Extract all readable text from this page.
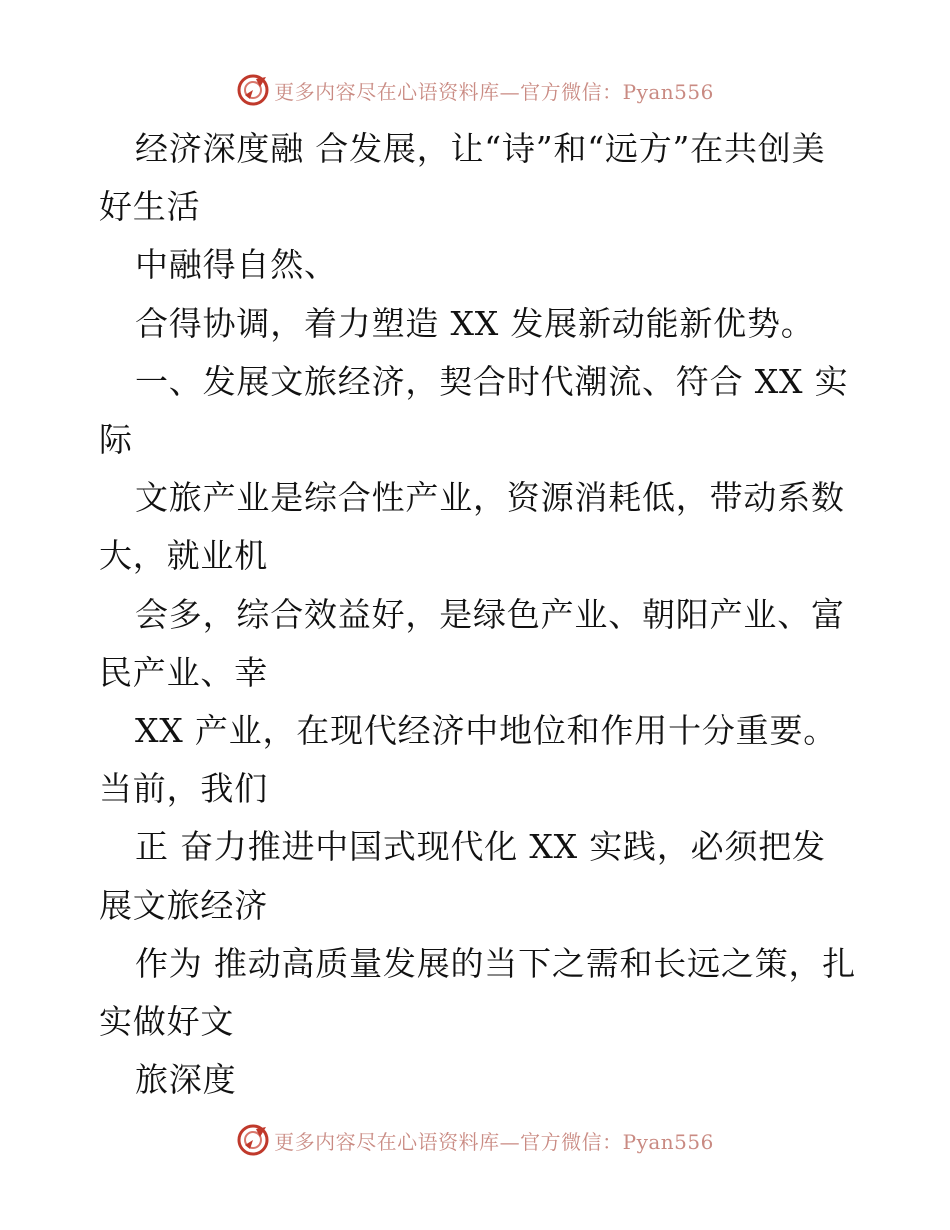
更多内容尽在心语资料库—官方微信：Pyan556

经济深度融 合发展，让“诗”和“远方”在共创美好生活

中融得自然、

合得协调，着力塑造 XX 发展新动能新优势。

一、发展文旅经济，契合时代潮流、符合 XX 实际

文旅产业是综合性产业，资源消耗低，带动系数大，就业机

会多，综合效益好，是绿色产业、朝阳产业、富民产业、幸

XX 产业，在现代经济中地位和作用十分重要。当前，我们

正 奋力推进中国式现代化 XX 实践，必须把发展文旅经济

作为 推动高质量发展的当下之需和长远之策，扎实做好文

旅深度

更多内容尽在心语资料库—官方微信：Pyan556
